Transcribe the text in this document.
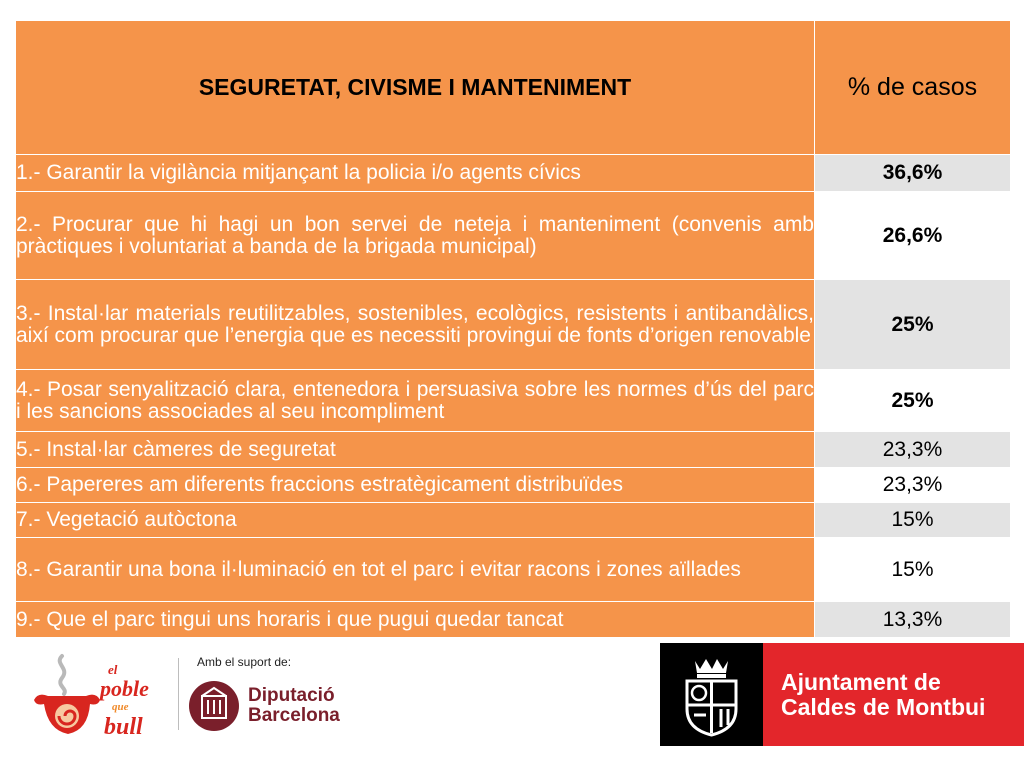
SEGURETAT, CIVISME I MANTENIMENT	% de casos
1.- Garantir la vigilància mitjançant la policia i/o agents cívics	36,6%
2.- Procurar que hi hagi un bon servei de neteja i manteniment (convenis amb pràctiques i voluntariat a banda de la brigada municipal)	26,6%
3.- Instal·lar materials reutilitzables, sostenibles, ecològics, resistents i antibandàlics, així com procurar que l’energia que es necessiti provingui de fonts d’origen renovable	25%
4.- Posar senyalització clara, entenedora i persuasiva sobre les normes d’ús del parc i les sancions associades al seu incompliment	25%
5.- Instal·lar càmeres de seguretat	23,3%
6.- Papereres am diferents fraccions estratègicament distribuïdes	23,3%
7.- Vegetació autòctona	15%
8.- Garantir una bona il·luminació en tot el parc i evitar racons i zones aïllades	15%
9.- Que el parc tingui uns horaris i que pugui quedar tancat	13,3%
el
poble
que
bull
Amb el suport de:
Diputació
Barcelona
Ajuntament de
Caldes de Montbui
